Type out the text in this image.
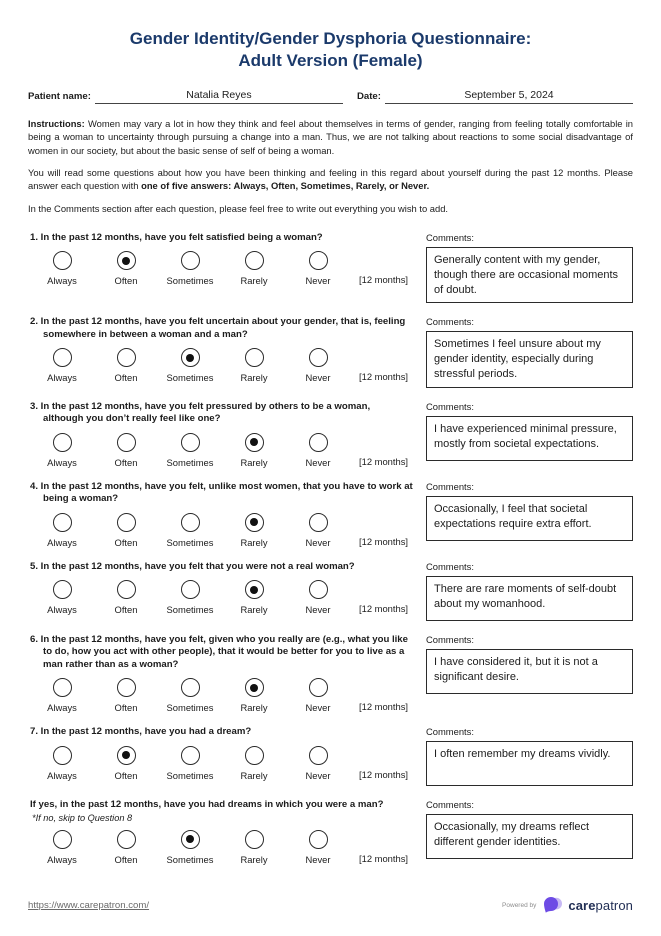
Gender Identity/Gender Dysphoria Questionnaire:
Adult Version (Female)
Patient name:	Natalia Reyes	Date:	September 5, 2024

Instructions: Women may vary a lot in how they think and feel about themselves in terms of gender, ranging from feeling totally comfortable in being a woman to uncertainty through pursuing a change into a man. Thus, we are not talking about reactions to some social disadvantage of women in our society, but about the basic sense of self of being a woman.

You will read some questions about how you have been thinking and feeling in this regard about yourself during the past 12 months. Please answer each question with one of five answers: Always, Often, Sometimes, Rarely, or Never.

In the Comments section after each question, please feel free to write out everything you wish to add.

1. In the past 12 months, have you felt satisfied being a woman?
Always	Often	Sometimes	Rarely	Never	[12 months]
Comments:
Generally content with my gender, though there are occasional moments of doubt.
2. In the past 12 months, have you felt uncertain about your gender, that is, feeling somewhere in between a woman and a man?
Always	Often	Sometimes	Rarely	Never	[12 months]
Comments:
Sometimes I feel unsure about my gender identity, especially during stressful periods.
3. In the past 12 months, have you felt pressured by others to be a woman, although you don’t really feel like one?
Always	Often	Sometimes	Rarely	Never	[12 months]
Comments:
I have experienced minimal pressure, mostly from societal expectations.
4. In the past 12 months, have you felt, unlike most women, that you have to work at being a woman?
Always	Often	Sometimes	Rarely	Never	[12 months]
Comments:
Occasionally, I feel that societal expectations require extra effort.
5. In the past 12 months, have you felt that you were not a real woman?
Always	Often	Sometimes	Rarely	Never	[12 months]
Comments:
There are rare moments of self-doubt about my womanhood.
6. In the past 12 months, have you felt, given who you really are (e.g., what you like to do, how you act with other people), that it would be better for you to live as a man rather than as a woman?
Always	Often	Sometimes	Rarely	Never	[12 months]
Comments:
I have considered it, but it is not a significant desire.
7. In the past 12 months, have you had a dream?
Always	Often	Sometimes	Rarely	Never	[12 months]
Comments:
I often remember my dreams vividly.
If yes, in the past 12 months, have you had dreams in which you were a man?
*If no, skip to Question 8
Always	Often	Sometimes	Rarely	Never	[12 months]
Comments:
Occasionally, my dreams reflect different gender identities.
https://www.carepatron.com/	Powered by carepatron
